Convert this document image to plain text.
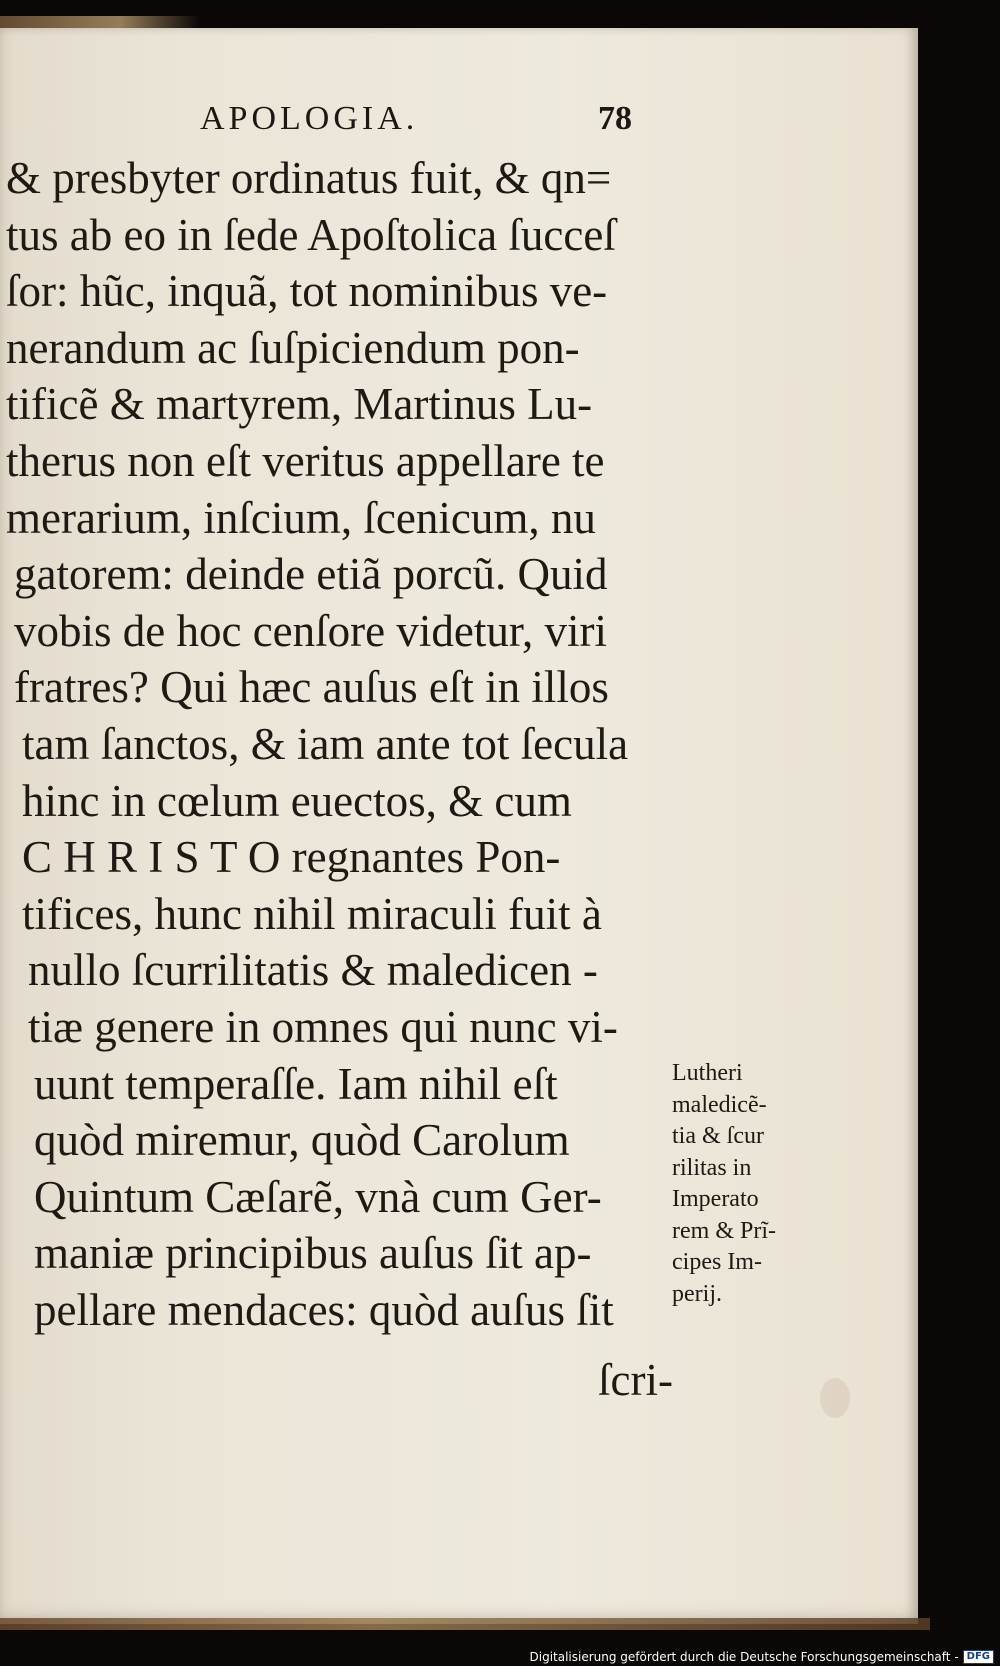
APOLOGIA.	78
& presbyter ordinatus fuit, & qn=
tus ab eo in ſede Apoſtolica ſucceſ
ſor: hũc, inquã, tot nominibus ve-
nerandum ac ſuſpiciendum pon-
tificẽ & martyrem, Martinus Lu-
therus non eſt veritus appellare te
merarium, inſcium, ſcenicum, nu
gatorem: deinde etiã porcũ. Quid
vobis de hoc cenſore videtur, viri
fratres? Qui hæc auſus eſt in illos
tam ſanctos, & iam ante tot ſecula
hinc in cœlum euectos, & cum
C H R I S T O regnantes Pon-
tifices, hunc nihil miraculi fuit à
nullo ſcurrilitatis & maledicen -
tiæ genere in omnes qui nunc vi-
uunt temperaſſe. Iam nihil eſt
quòd miremur, quòd Carolum
Quintum Cæſarẽ, vnà cum Ger-
maniæ principibus auſus ſit ap-
pellare mendaces: quòd auſus ſit
Lutheri
maledicẽ-
tia & ſcur
rilitas in
Imperato
rem & Prĩ-
cipes Im-
perij.
ſcri-
Digitalisierung gefördert durch die Deutsche Forschungsgemeinschaft - DFG
